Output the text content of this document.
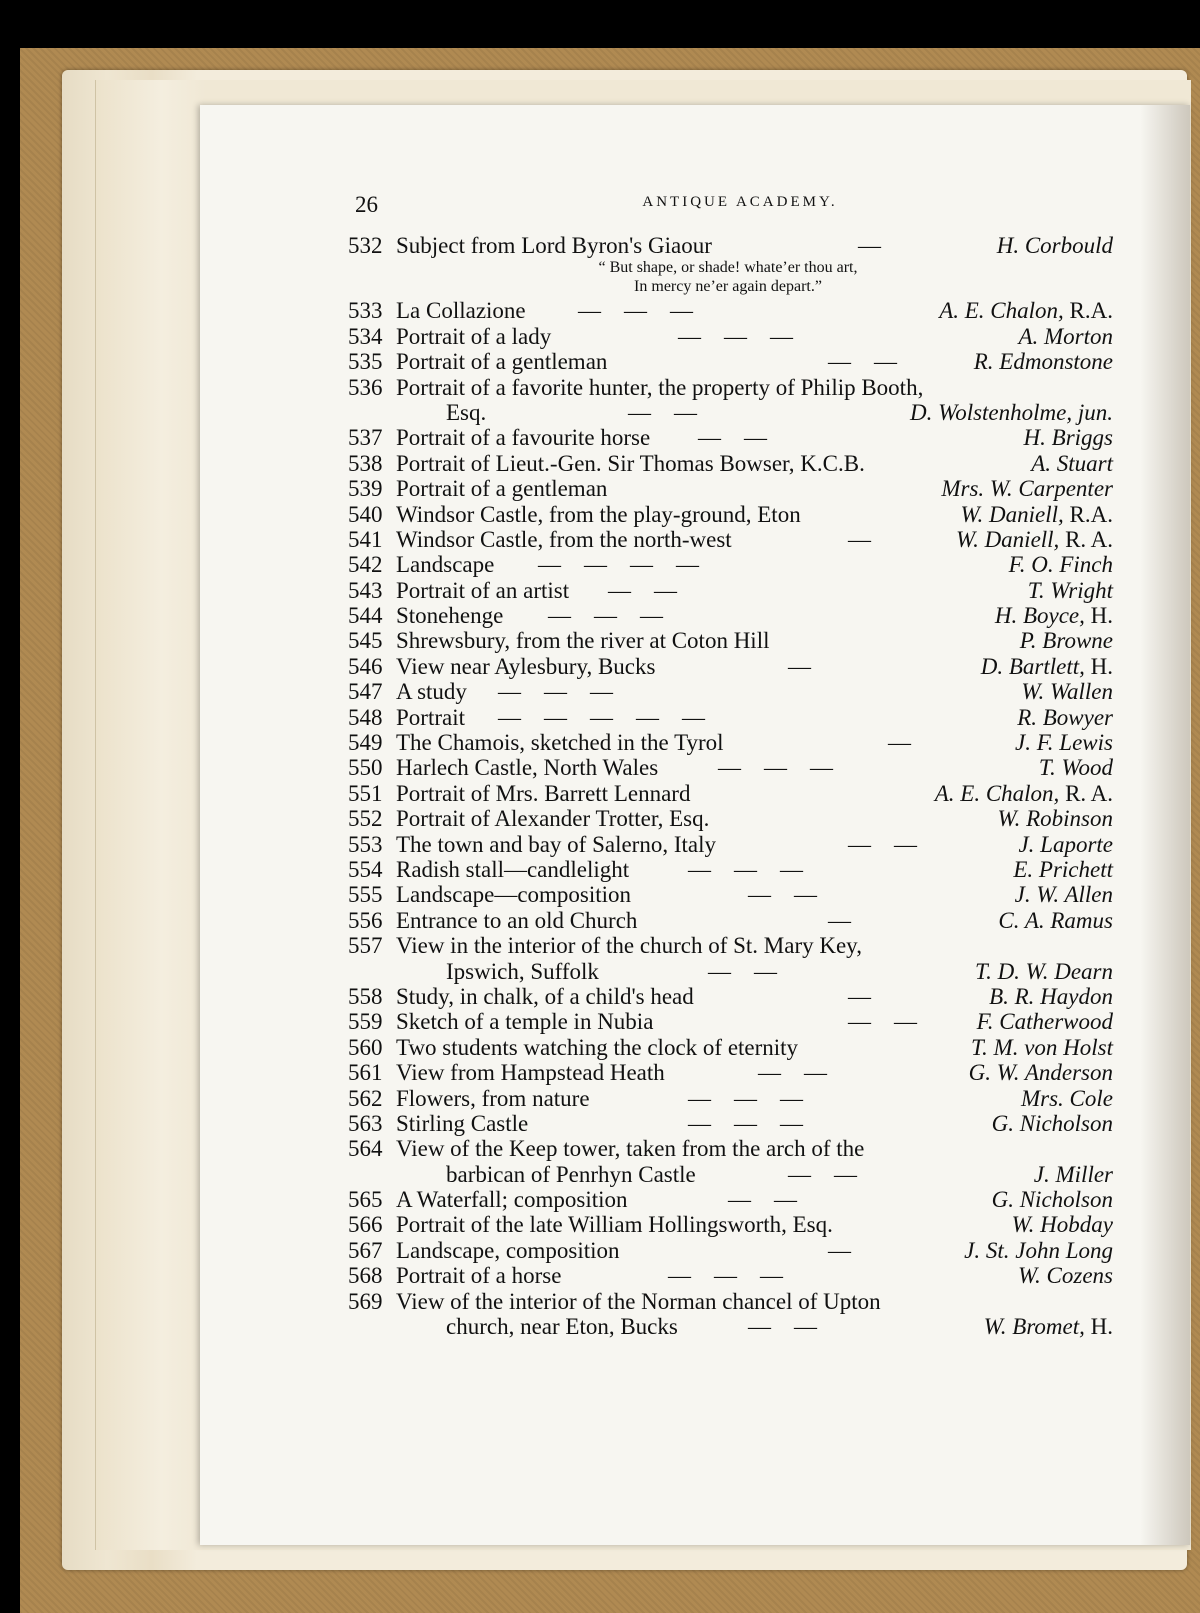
26	ANTIQUE ACADEMY.
532 Subject from Lord Byron's Giaour	—	H. Corbould
“ But shape, or shade! whate’er thou art,
In mercy ne’er again depart.”
533 La Collazione —    —    —	A. E. Chalon, R.A.
534 Portrait of a lady	—    —    —	A. Morton
535 Portrait of a gentleman	—    —	R. Edmonstone
536 Portrait of a favorite hunter, the property of Philip Booth,
Esq.	—    —	D. Wolstenholme, jun.
537 Portrait of a favourite horse —    —	H. Briggs
538 Portrait of Lieut.-Gen. Sir Thomas Bowser, K.C.B.	A. Stuart
539 Portrait of a gentleman	Mrs. W. Carpenter
540 Windsor Castle, from the play-ground, Eton	W. Daniell, R.A.
541 Windsor Castle, from the north-west	—	W. Daniell, R. A.
542 Landscape —    —    —    —	F. O. Finch
543 Portrait of an artist —    —	T. Wright
544 Stonehenge —    —    —	H. Boyce, H.
545 Shrewsbury, from the river at Coton Hill	P. Browne
546 View near Aylesbury, Bucks	—	D. Bartlett, H.
547 A study —    —    —	W. Wallen
548 Portrait —    —    —    —    —	R. Bowyer
549 The Chamois, sketched in the Tyrol	—	J. F. Lewis
550 Harlech Castle, North Wales	—    —    —	T. Wood
551 Portrait of Mrs. Barrett Lennard	A. E. Chalon, R. A.
552 Portrait of Alexander Trotter, Esq.	W. Robinson
553 The town and bay of Salerno, Italy	—    —	J. Laporte
554 Radish stall—candlelight	—    —    —	E. Prichett
555 Landscape—composition	—    —	J. W. Allen
556 Entrance to an old Church	—	C. A. Ramus
557 View in the interior of the church of St. Mary Key,
Ipswich, Suffolk	—    —	T. D. W. Dearn
558 Study, in chalk, of a child's head	—	B. R. Haydon
559 Sketch of a temple in Nubia	—    —	F. Catherwood
560 Two students watching the clock of eternity	T. M. von Holst
561 View from Hampstead Heath	—    —	G. W. Anderson
562 Flowers, from nature	—    —    —	Mrs. Cole
563 Stirling Castle	—    —    —	G. Nicholson
564 View of the Keep tower, taken from the arch of the
barbican of Penrhyn Castle	—    —	J. Miller
565 A Waterfall; composition	—    —	G. Nicholson
566 Portrait of the late William Hollingsworth, Esq.	W. Hobday
567 Landscape, composition	—	J. St. John Long
568 Portrait of a horse	—    —    —	W. Cozens
569 View of the interior of the Norman chancel of Upton
church, near Eton, Bucks	—    —	W. Bromet, H.
